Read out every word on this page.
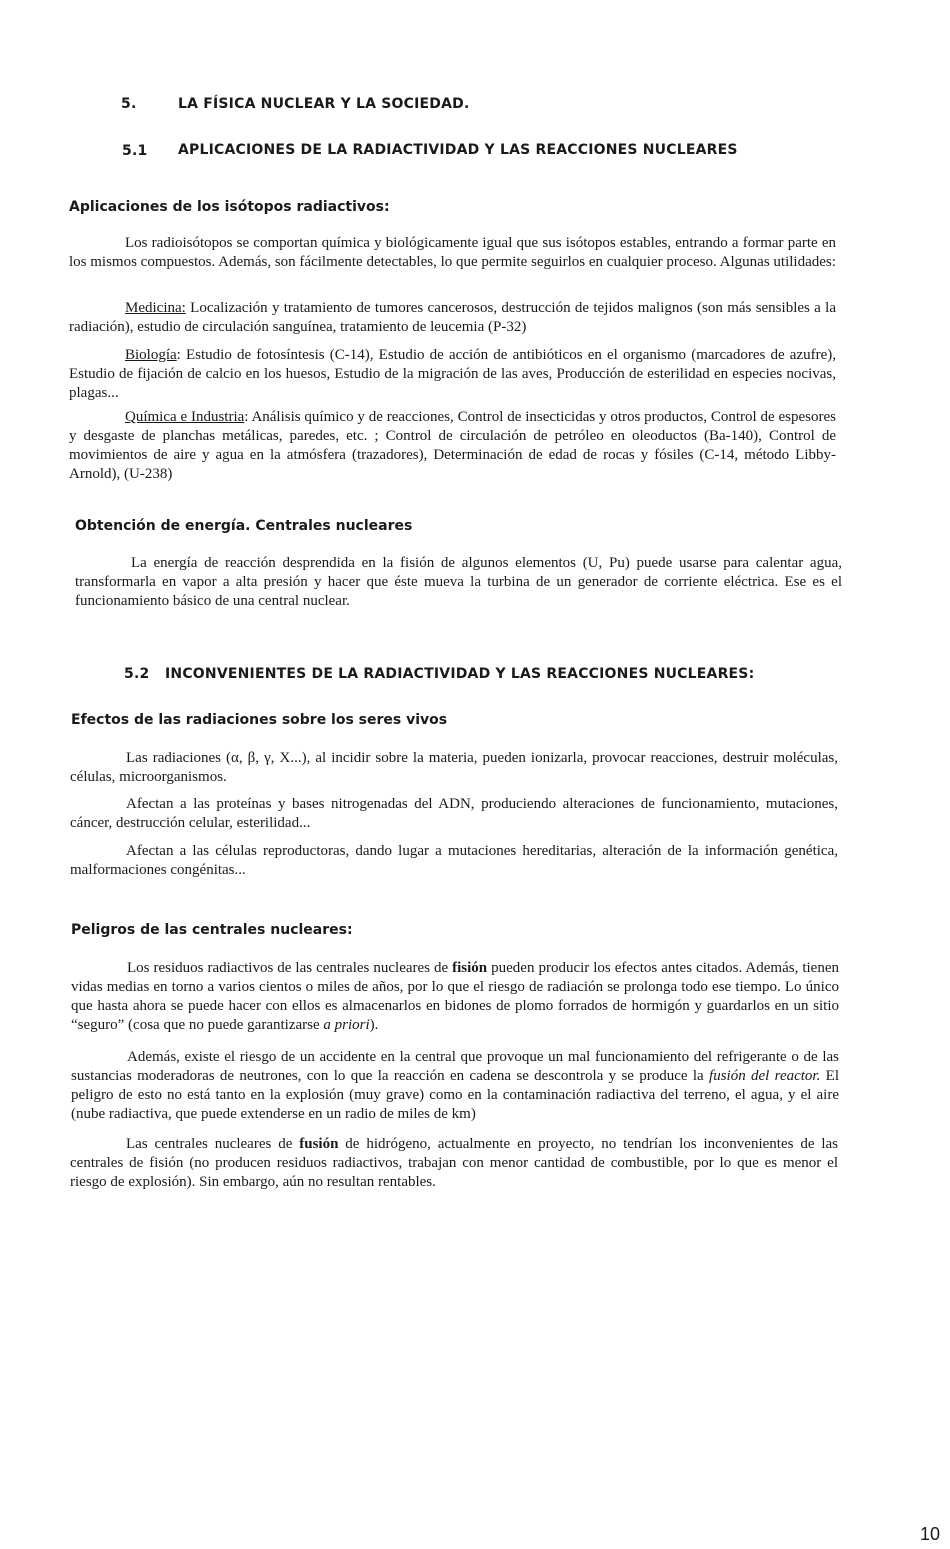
5.	LA FÍSICA NUCLEAR Y LA SOCIEDAD.
5.1 APLICACIONES DE LA RADIACTIVIDAD Y LAS REACCIONES NUCLEARES
Aplicaciones de los isótopos radiactivos:
Los radioisótopos se comportan química y biológicamente igual que sus isótopos estables, entrando a formar parte en los mismos compuestos. Además, son fácilmente detectables, lo que permite seguirlos en cualquier proceso. Algunas utilidades:
Medicina: Localización y tratamiento de tumores cancerosos, destrucción de tejidos malignos (son más sensibles a la radiación), estudio de circulación sanguínea, tratamiento de leucemia (P-32)
Biología: Estudio de fotosíntesis (C-14), Estudio de acción de antibióticos en el organismo (marcadores de azufre), Estudio de fijación de calcio en los huesos, Estudio de la migración de las aves, Producción de esterilidad en especies nocivas, plagas...
Química e Industria: Análisis químico y de reacciones, Control de insecticidas y otros productos, Control de espesores y desgaste de planchas metálicas, paredes, etc. ; Control de circulación de petróleo en oleoductos (Ba-140), Control de movimientos de aire y agua en la atmósfera (trazadores), Determinación de edad de rocas y fósiles (C-14, método Libby-Arnold), (U-238)
Obtención de energía. Centrales nucleares
La energía de reacción desprendida en la fisión de algunos elementos (U, Pu) puede usarse para calentar agua, transformarla en vapor a alta presión y hacer que éste mueva la turbina de un generador de corriente eléctrica. Ese es el funcionamiento básico de una central nuclear.
5.2 INCONVENIENTES DE LA RADIACTIVIDAD Y LAS REACCIONES NUCLEARES:
Efectos de las radiaciones sobre los seres vivos
Las radiaciones (α, β, γ, X...), al incidir sobre la materia, pueden ionizarla, provocar reacciones, destruir moléculas, células, microorganismos.
Afectan a las proteínas y bases nitrogenadas del ADN, produciendo alteraciones de funcionamiento, mutaciones, cáncer, destrucción celular, esterilidad...
Afectan a las células reproductoras, dando lugar a mutaciones hereditarias, alteración de la información genética, malformaciones congénitas...
Peligros de las centrales nucleares:
Los residuos radiactivos de las centrales nucleares de fisión pueden producir los efectos antes citados. Además, tienen vidas medias en torno a varios cientos o miles de años, por lo que el riesgo de radiación se prolonga todo ese tiempo. Lo único que hasta ahora se puede hacer con ellos es almacenarlos en bidones de plomo forrados de hormigón y guardarlos en un sitio “seguro” (cosa que no puede garantizarse a priori).
Además, existe el riesgo de un accidente en la central que provoque un mal funcionamiento del refrigerante o de las sustancias moderadoras de neutrones, con lo que la reacción en cadena se descontrola y se produce la fusión del reactor. El peligro de esto no está tanto en la explosión (muy grave) como en la contaminación radiactiva del terreno, el agua, y el aire (nube radiactiva, que puede extenderse en un radio de miles de km)
Las centrales nucleares de fusión de hidrógeno, actualmente en proyecto, no tendrían los inconvenientes de las centrales de fisión (no producen residuos radiactivos, trabajan con menor cantidad de combustible, por lo que es menor el riesgo de explosión). Sin embargo, aún no resultan rentables.
10
